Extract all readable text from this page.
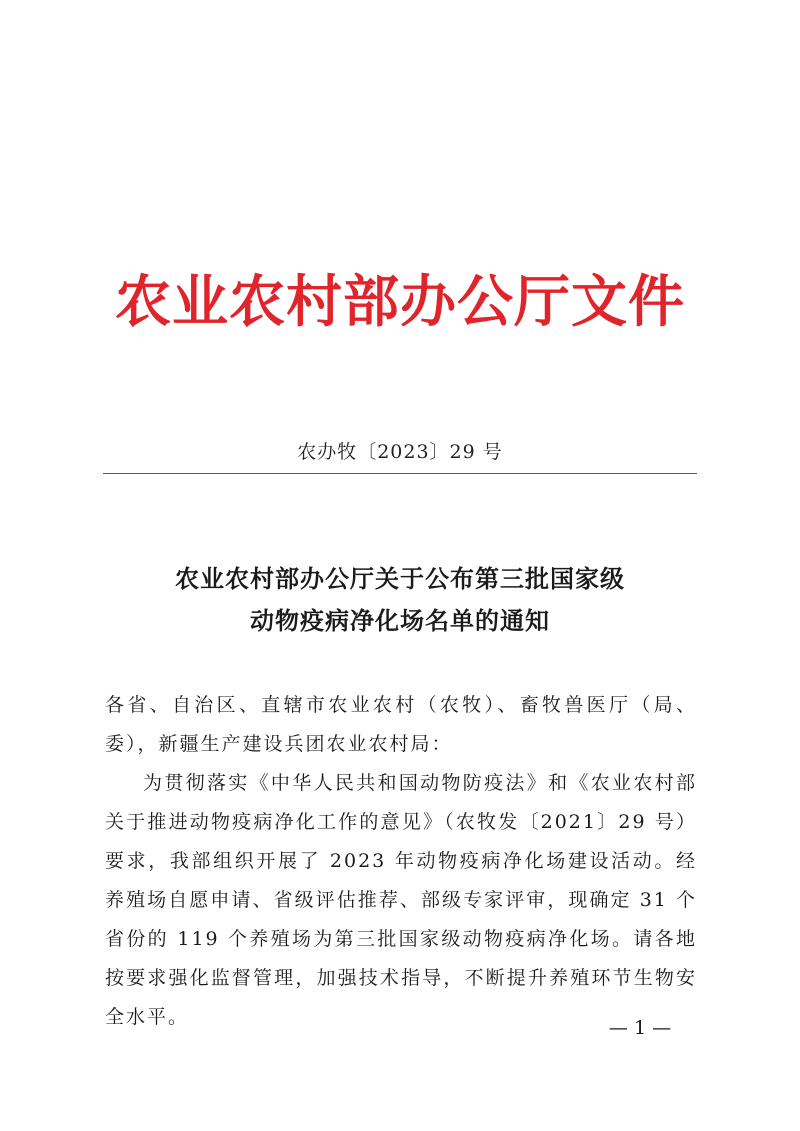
农业农村部办公厅文件
农办牧〔2023〕29 号
农业农村部办公厅关于公布第三批国家级
动物疫病净化场名单的通知

各省、自治区、直辖市农业农村（农牧）、畜牧兽医厅（局、委），新疆生产建设兵团农业农村局：

为贯彻落实《中华人民共和国动物防疫法》和《农业农村部关于推进动物疫病净化工作的意见》（农牧发〔2021〕29 号）要求，我部组织开展了 2023 年动物疫病净化场建设活动。经养殖场自愿申请、省级评估推荐、部级专家评审，现确定 31 个省份的 119 个养殖场为第三批国家级动物疫病净化场。请各地按要求强化监督管理，加强技术指导，不断提升养殖环节生物安全水平。	— 1 —
